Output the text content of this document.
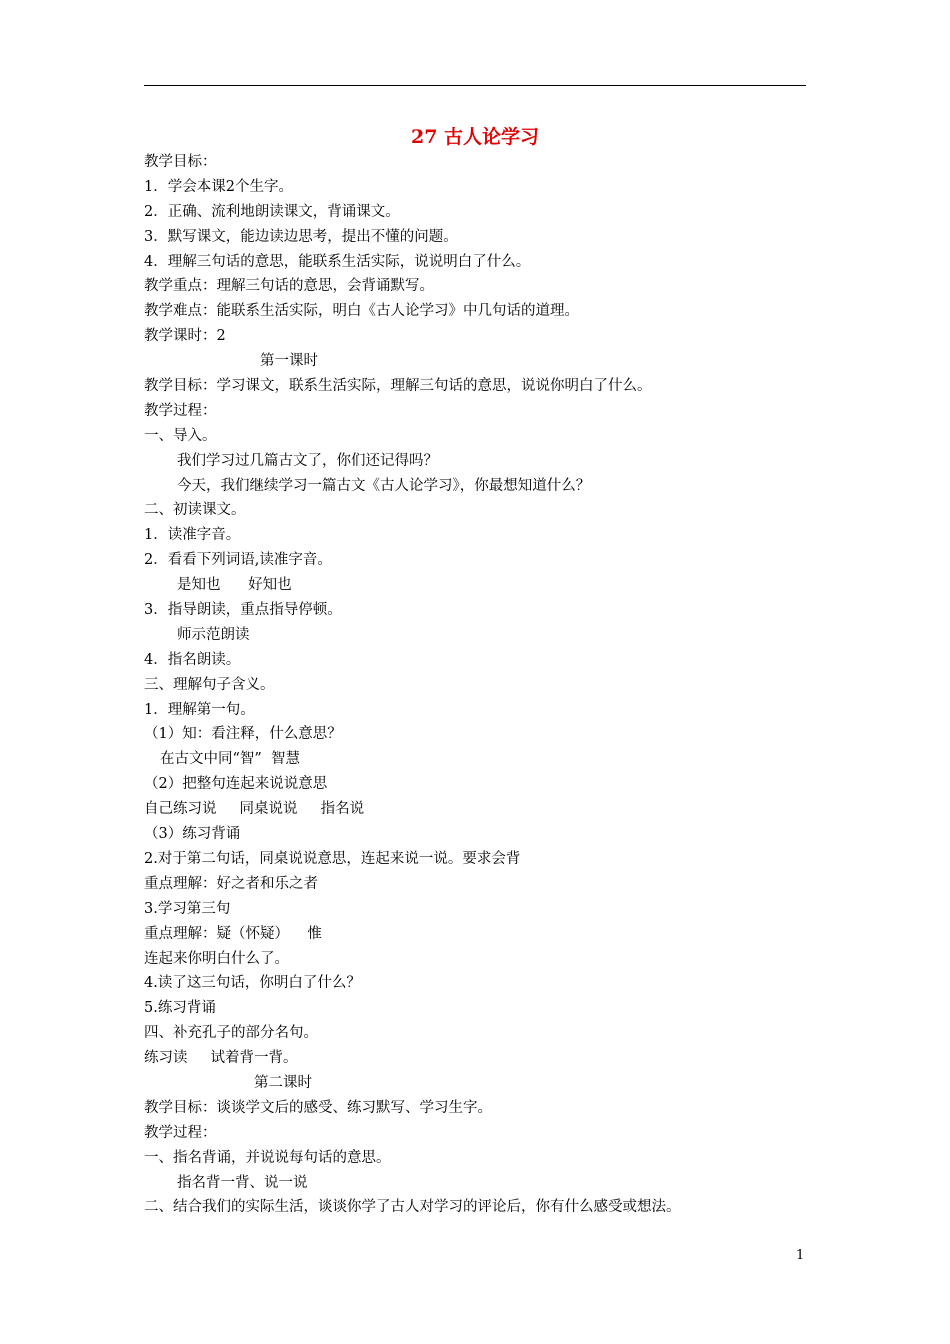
27 古人论学习
教学目标：
1．学会本课2个生字。
2．正确、流利地朗读课文，背诵课文。
3．默写课文，能边读边思考，提出不懂的问题。
4．理解三句话的意思，能联系生活实际，说说明白了什么。
教学重点：理解三句话的意思，会背诵默写。
教学难点：能联系生活实际，明白《古人论学习》中几句话的道理。
教学课时：2
第一课时
教学目标：学习课文，联系生活实际，理解三句话的意思，说说你明白了什么。
教学过程：
一、导入。
我们学习过几篇古文了，你们还记得吗？
今天，我们继续学习一篇古文《古人论学习》，你最想知道什么？
二、初读课文。
1．读准字音。
2．看看下列词语,读准字音。
是知也      好知也
3．指导朗读，重点指导停顿。
师示范朗读
4．指名朗读。
三、理解句子含义。
1．理解第一句。
（1）知：看注释，什么意思？
在古文中同“智”  智慧
（2）把整句连起来说说意思
自己练习说     同桌说说     指名说
（3）练习背诵
2.对于第二句话，同桌说说意思，连起来说一说。要求会背
重点理解：好之者和乐之者
3.学习第三句
重点理解：疑（怀疑）    惟
连起来你明白什么了。
4.读了这三句话，你明白了什么？
5.练习背诵
四、补充孔子的部分名句。
练习读     试着背一背。
第二课时
教学目标：谈谈学文后的感受、练习默写、学习生字。
教学过程：
一、指名背诵，并说说每句话的意思。
指名背一背、说一说
二、结合我们的实际生活，谈谈你学了古人对学习的评论后，你有什么感受或想法。
1
